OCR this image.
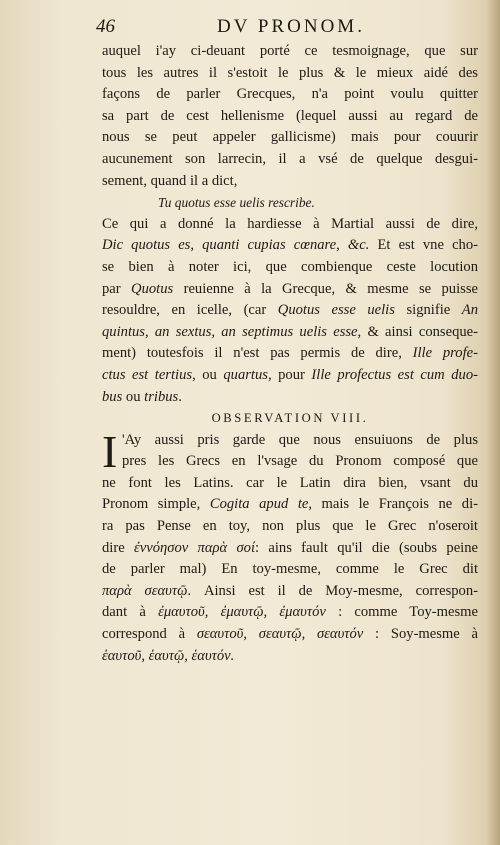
46	DV PRONOM.
auquel i'ay ci-deuant porté ce tesmoignage, que sur
tous les autres il s'estoit le plus & le mieux aidé des
façons de parler Grecques, n'a point voulu quitter
sa part de cest hellenisme (lequel aussi au regard de
nous se peut appeler gallicisme) mais pour couurir
aucunement son larrecin, il a vsé de quelque desgui-
sement, quand il a dict,
Tu quotus esse uelis rescribe.
Ce qui a donné la hardiesse à Martial aussi de dire,
Dic quotus es, quanti cupias cœnare, &c. Et est vne cho-
se bien à noter ici, que combienque ceste locution
par Quotus reuienne à la Grecque, & mesme se puisse
resouldre, en icelle, (car Quotus esse uelis signifie An
quintus, an sextus, an septimus uelis esse, & ainsi conseque-
ment) toutesfois il n'est pas permis de dire, Ille profe-
ctus est tertius, ou quartus, pour Ille profectus est cum duo-
bus ou tribus.
OBSERVATION VIII.
I 'Ay aussi pris garde que nous ensuiuons de plus
pres les Grecs en l'vsage du Pronom composé que
ne font les Latins. car le Latin dira bien, vsant du
Pronom simple, Cogita apud te, mais le François ne di-
ra pas Pense en toy, non plus que le Grec n'oseroit
dire ἐννόησον παρὰ σοί: ains fault qu'il die (soubs peine
de parler mal) En toy-mesme, comme le Grec dit
παρὰ σεαυτῷ. Ainsi est il de Moy-mesme, correspon-
dant à ἐμαυτοῦ, ἐμαυτῷ, ἐμαυτόν : comme Toy-mesme
correspond à σεαυτοῦ, σεαυτῷ, σεαυτόν : Soy-mesme à
ἑαυτοῦ, ἑαυτῷ, ἑαυτόν.
